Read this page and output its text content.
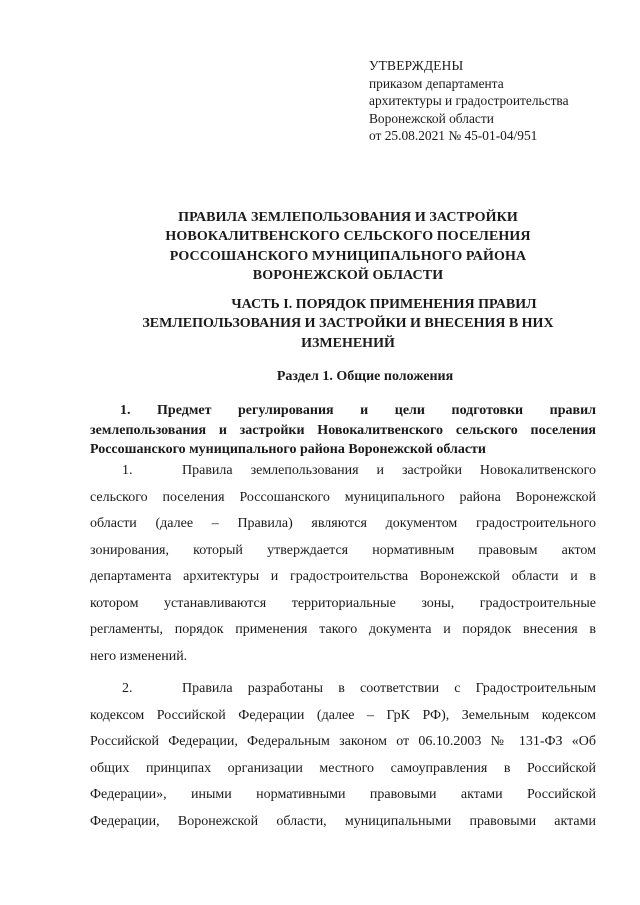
УТВЕРЖДЕНЫ
приказом департамента
архитектуры и градостроительства
Воронежской области
от 25.08.2021 № 45-01-04/951
ПРАВИЛА ЗЕМЛЕПОЛЬЗОВАНИЯ И ЗАСТРОЙКИ
НОВОКАЛИТВЕНСКОГО СЕЛЬСКОГО ПОСЕЛЕНИЯ
РОССОШАНСКОГО МУНИЦИПАЛЬНОГО РАЙОНА
ВОРОНЕЖСКОЙ ОБЛАСТИ
ЧАСТЬ I. ПОРЯДОК ПРИМЕНЕНИЯ ПРАВИЛ
ЗЕМЛЕПОЛЬЗОВАНИЯ И ЗАСТРОЙКИ И ВНЕСЕНИЯ В НИХ
ИЗМЕНЕНИЙ
Раздел 1. Общие положения
1. Предмет регулирования и цели подготовки правил
землепользования и застройки Новокалитвенского сельского поселения
Россошанского муниципального района Воронежской области
1.	Правила землепользования и застройки Новокалитвенского
сельского поселения Россошанского муниципального района Воронежской
области (далее – Правила) являются документом градостроительного
зонирования, который утверждается нормативным правовым актом
департамента архитектуры и градостроительства Воронежской области и в
котором устанавливаются территориальные зоны, градостроительные
регламенты, порядок применения такого документа и порядок внесения в
него изменений.
2.	Правила разработаны в соответствии с Градостроительным
кодексом Российской Федерации (далее – ГрК РФ), Земельным кодексом
Российской Федерации, Федеральным законом от 06.10.2003 № 131-ФЗ «Об
общих принципах организации местного самоуправления в Российской
Федерации», иными нормативными правовыми актами Российской
Федерации, Воронежской области, муниципальными правовыми актами
